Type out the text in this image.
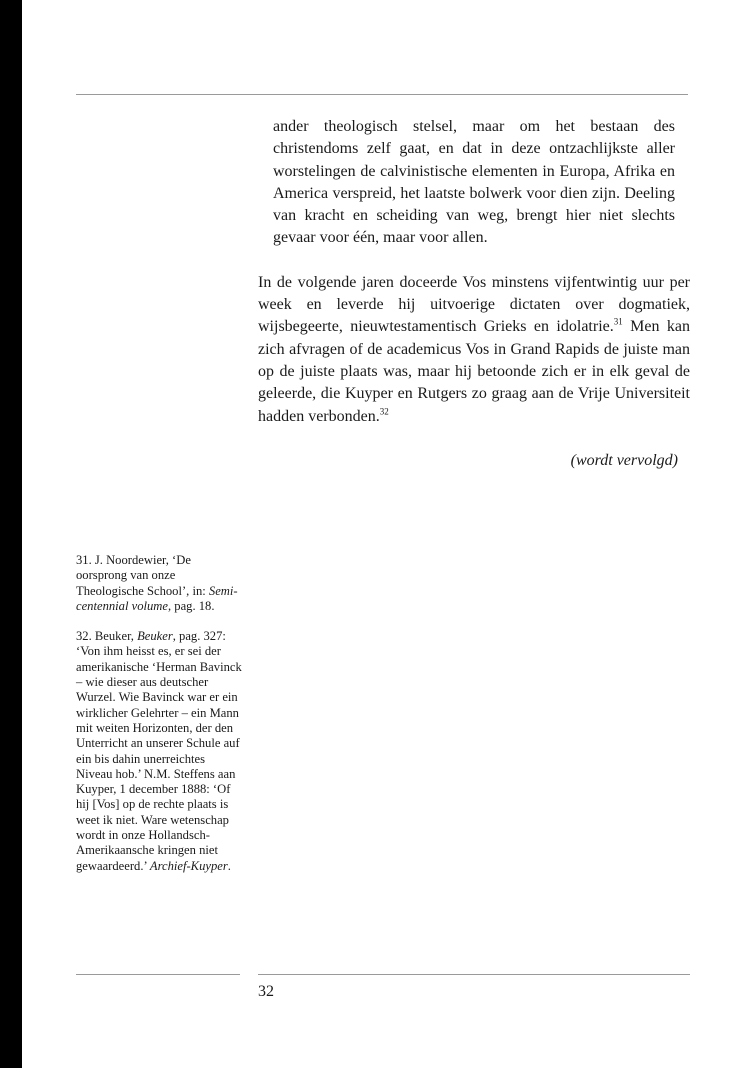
ander theologisch stelsel, maar om het bestaan des christendoms zelf gaat, en dat in deze ontzachlijkste aller worstelingen de calvinistische elementen in Europa, Afrika en America verspreid, het laatste bolwerk voor dien zijn. Deeling van kracht en scheiding van weg, brengt hier niet slechts gevaar voor één, maar voor allen.

In de volgende jaren doceerde Vos minstens vijfentwintig uur per week en leverde hij uitvoerige dictaten over dogmatiek, wijsbegeerte, nieuwtestamentisch Grieks en idolatrie.$^{31}$ Men kan zich afvragen of de academicus Vos in Grand Rapids de juiste man op de juiste plaats was, maar hij betoonde zich er in elk geval de geleerde, die Kuyper en Rutgers zo graag aan de Vrije Universiteit hadden verbonden.$^{32}$

(wordt vervolgd)

31. J. Noordewier, ‘De oorsprong van onze Theologische School’, in: Semi-centennial volume, pag. 18.

32. Beuker, Beuker, pag. 327: ‘Von ihm heisst es, er sei der amerikanische ‘Herman Bavinck – wie dieser aus deutscher Wurzel. Wie Bavinck war er ein wirklicher Gelehrter – ein Mann mit weiten Horizonten, der den Unterricht an unserer Schule auf ein bis dahin unerreichtes Niveau hob.’ N.M. Steffens aan Kuyper, 1 december 1888: ‘Of hij [Vos] op de rechte plaats is weet ik niet. Ware wetenschap wordt in onze Hollandsch-Amerikaansche kringen niet gewaardeerd.’ Archief-Kuyper.

32
